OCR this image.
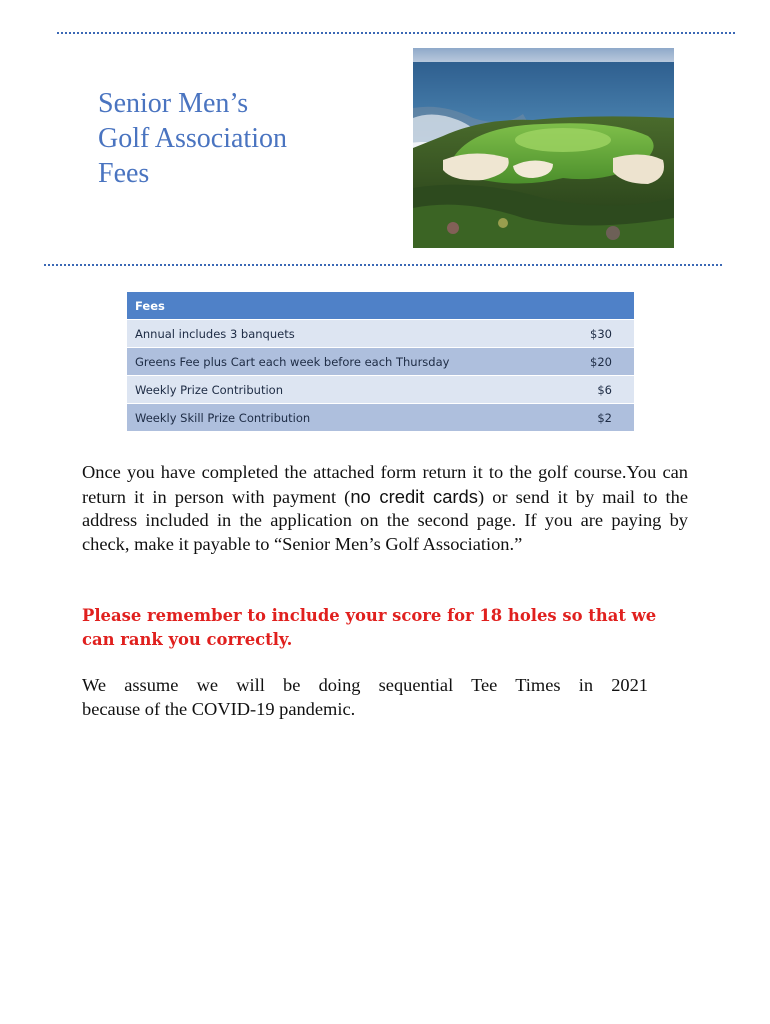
Senior Men’s
Golf Association
Fees
Fees	
Annual includes 3 banquets	$30
Greens Fee plus Cart each week before each Thursday	$20
Weekly Prize Contribution	$6
Weekly Skill Prize Contribution	$2
Once you have completed the attached form return it to the golf course.You can return it in person with payment (no credit cards) or send it by mail to the address included in the application on the second page. If you are paying by check, make it payable to “Senior Men’s Golf Association.”
Please remember to include your score for 18 holes so that we can rank you correctly.
We assume we will be doing sequential Tee Times in 2021
because of the COVID-19 pandemic.
